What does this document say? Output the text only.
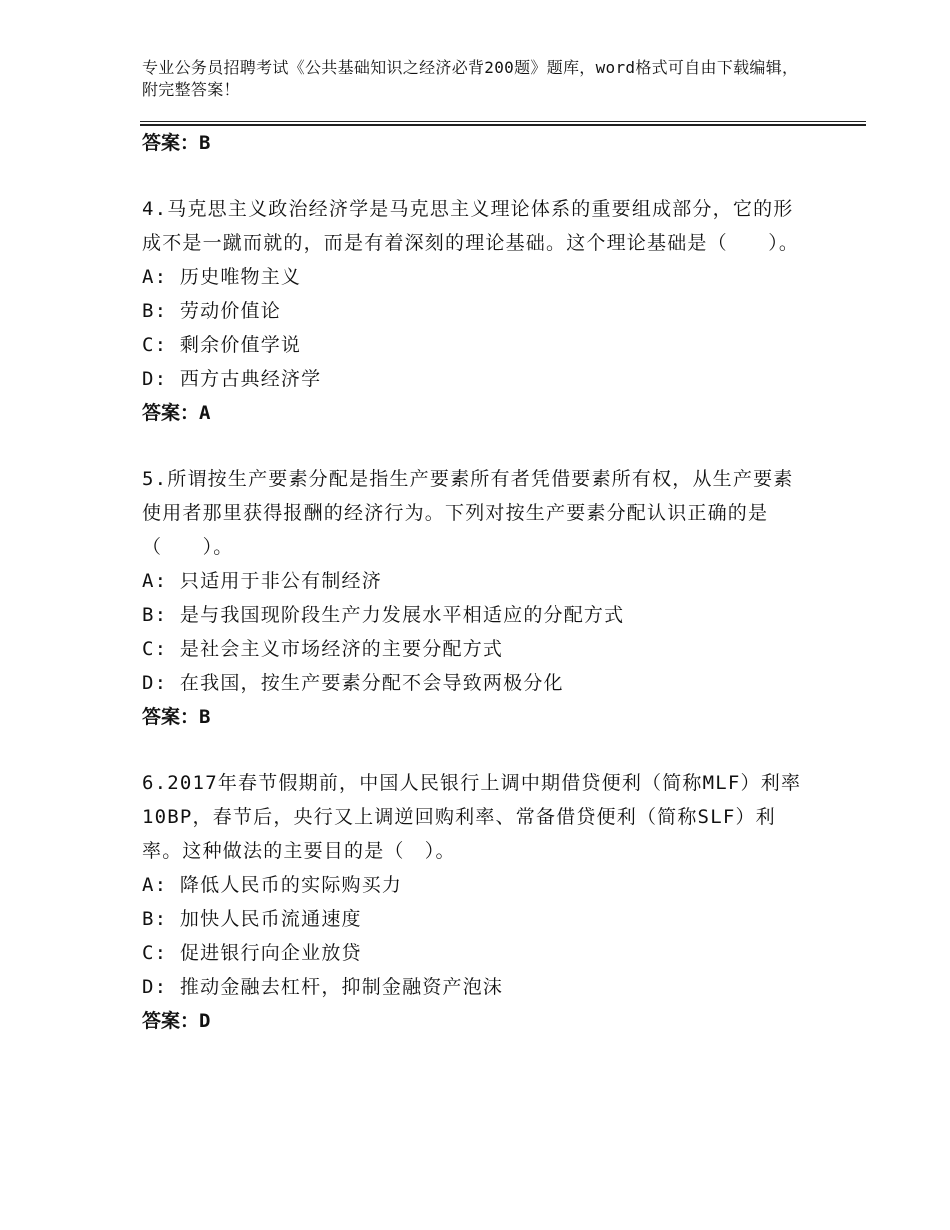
专业公务员招聘考试《公共基础知识之经济必背200题》题库，word格式可自由下载编辑，附完整答案！
答案：B
4.马克思主义政治经济学是马克思主义理论体系的重要组成部分，它的形成不是一蹴而就的，而是有着深刻的理论基础。这个理论基础是（　　）。
A: 历史唯物主义
B: 劳动价值论
C: 剩余价值学说
D: 西方古典经济学
答案：A
5.所谓按生产要素分配是指生产要素所有者凭借要素所有权，从生产要素使用者那里获得报酬的经济行为。下列对按生产要素分配认识正确的是（　　）。
A: 只适用于非公有制经济
B: 是与我国现阶段生产力发展水平相适应的分配方式
C: 是社会主义市场经济的主要分配方式
D: 在我国，按生产要素分配不会导致两极分化
答案：B
6.2017年春节假期前，中国人民银行上调中期借贷便利（简称MLF）利率10BP，春节后，央行又上调逆回购利率、常备借贷便利（简称SLF）利率。这种做法的主要目的是（　）。
A: 降低人民币的实际购买力
B: 加快人民币流通速度
C: 促进银行向企业放贷
D: 推动金融去杠杆，抑制金融资产泡沫
答案：D
